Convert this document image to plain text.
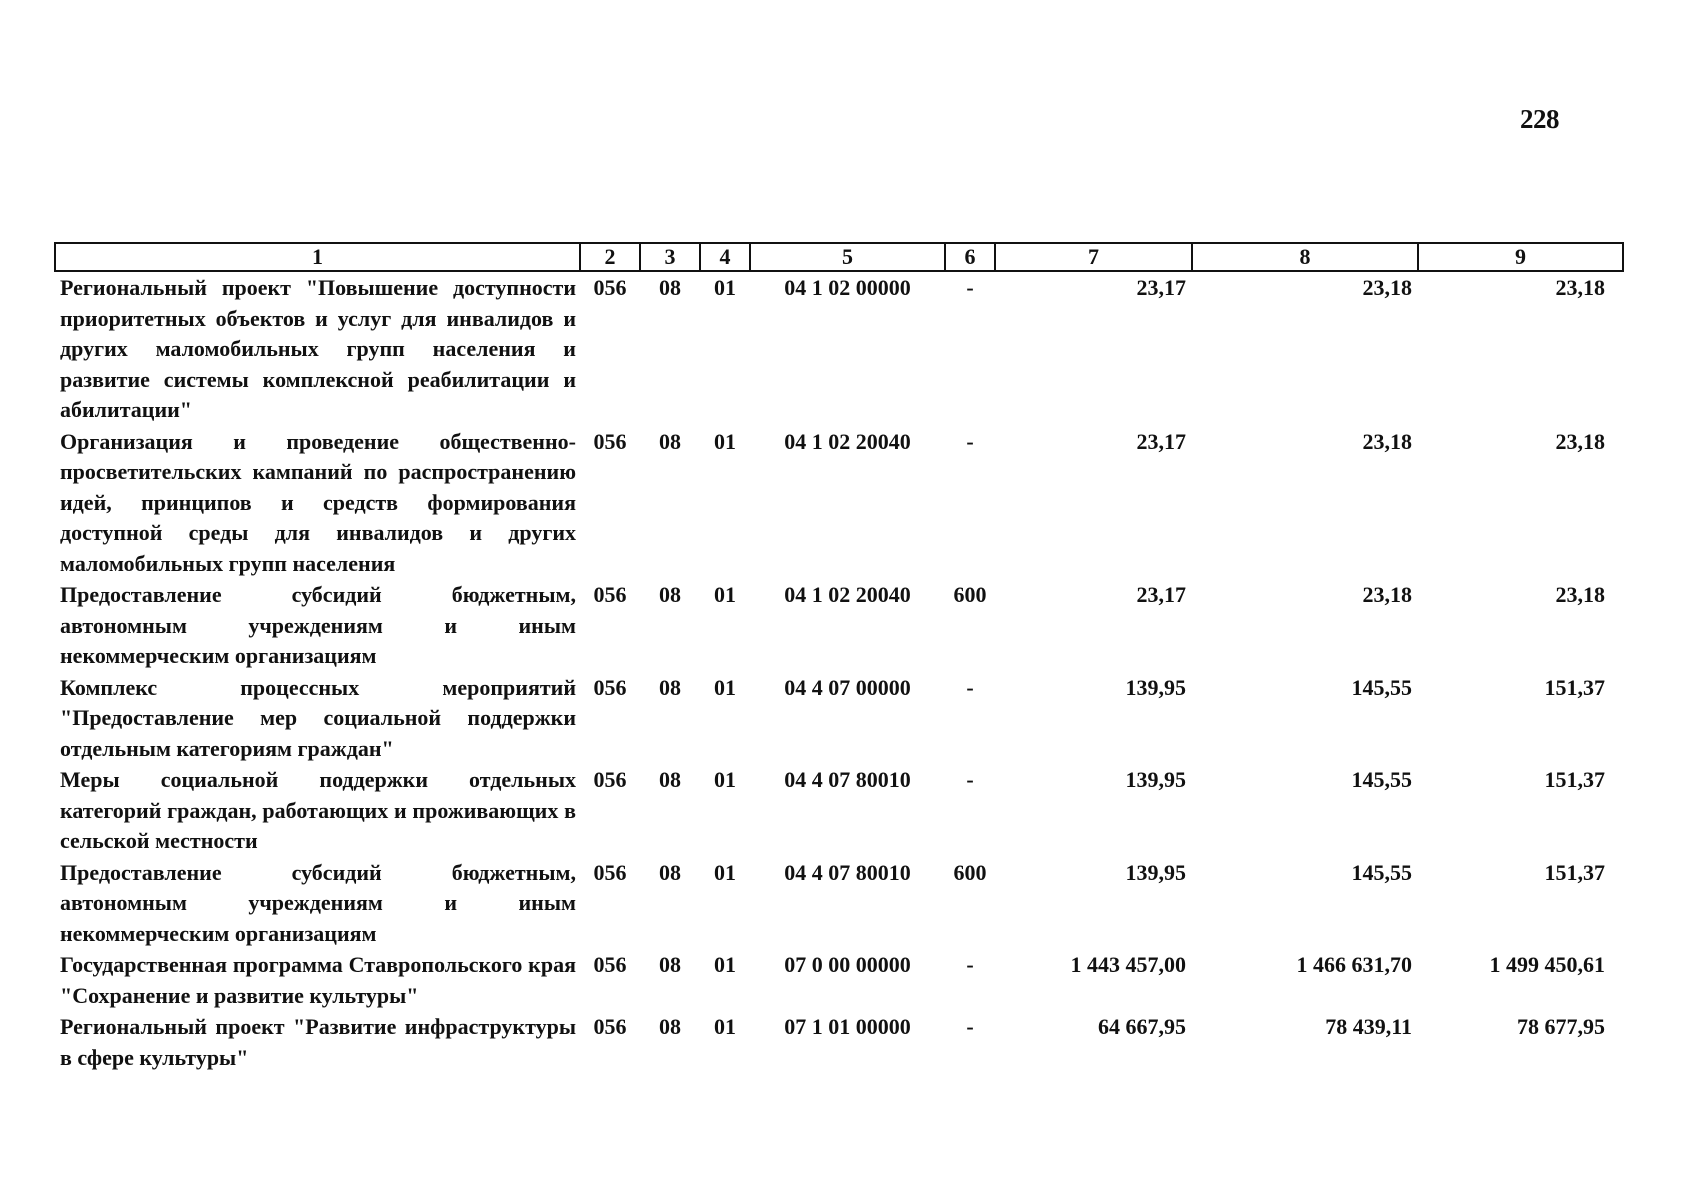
228
1	2	3	4	5	6	7	8	9
Региональный проект "Повышение доступности приоритетных объектов и услуг для инвалидов и других маломобильных групп населения и развитие системы комплексной реабилитации и абилитации"	056	08	01	04 1 02 00000	-	23,17	23,18	23,18
Организация и проведение общественно-просветительских кампаний по распространению идей, принципов и средств формирования доступной среды для инвалидов и других маломобильных групп населения	056	08	01	04 1 02 20040	-	23,17	23,18	23,18
Предоставление субсидий бюджетным, автономным учреждениям и иным некоммерческим организациям	056	08	01	04 1 02 20040	600	23,17	23,18	23,18
Комплекс процессных мероприятий "Предоставление мер социальной поддержки отдельным категориям граждан"	056	08	01	04 4 07 00000	-	139,95	145,55	151,37
Меры социальной поддержки отдельных категорий граждан, работающих и проживающих в сельской местности	056	08	01	04 4 07 80010	-	139,95	145,55	151,37
Предоставление субсидий бюджетным, автономным учреждениям и иным некоммерческим организациям	056	08	01	04 4 07 80010	600	139,95	145,55	151,37
Государственная программа Ставропольского края "Сохранение и развитие культуры"	056	08	01	07 0 00 00000	-	1 443 457,00	1 466 631,70	1 499 450,61
Региональный проект "Развитие инфраструктуры в сфере культуры"	056	08	01	07 1 01 00000	-	64 667,95	78 439,11	78 677,95
